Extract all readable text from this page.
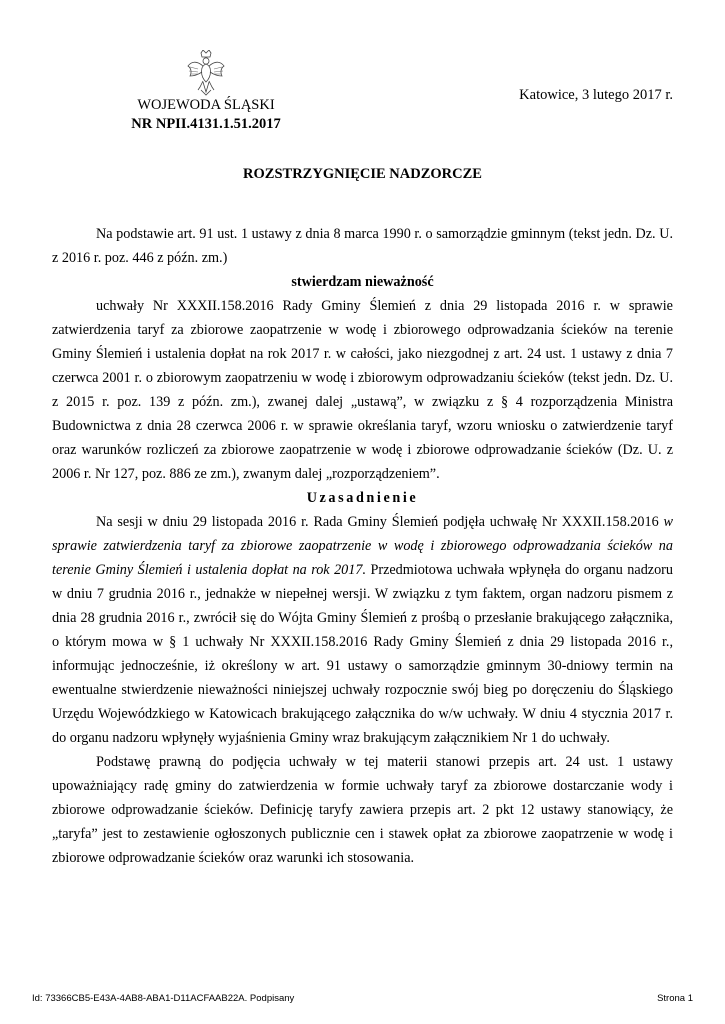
WOJEWODA ŚLĄSKI
NR NPII.4131.1.51.2017
Katowice, 3 lutego 2017 r.
ROZSTRZYGNIĘCIE NADZORCZE

Na podstawie art. 91 ust. 1 ustawy z dnia 8 marca 1990 r. o samorządzie gminnym (tekst jedn. Dz. U. z 2016 r. poz. 446 z późn. zm.)

stwierdzam nieważność

uchwały Nr XXXII.158.2016 Rady Gminy Ślemień z dnia 29 listopada 2016 r. w sprawie zatwierdzenia taryf za zbiorowe zaopatrzenie w wodę i zbiorowego odprowadzania ścieków na terenie Gminy Ślemień i ustalenia dopłat na rok 2017 r. w całości, jako niezgodnej z art. 24 ust. 1 ustawy z dnia 7 czerwca 2001 r. o zbiorowym zaopatrzeniu w wodę i zbiorowym odprowadzaniu ścieków (tekst jedn. Dz. U. z 2015 r. poz. 139 z późn. zm.), zwanej dalej „ustawą”, w związku z § 4 rozporządzenia Ministra Budownictwa z dnia 28 czerwca 2006 r. w sprawie określania taryf, wzoru wniosku o zatwierdzenie taryf oraz warunków rozliczeń za zbiorowe zaopatrzenie w wodę i zbiorowe odprowadzanie ścieków (Dz. U. z 2006 r. Nr 127, poz. 886 ze zm.), zwanym dalej „rozporządzeniem”.

Uzasadnienie

Na sesji w dniu 29 listopada 2016 r. Rada Gminy Ślemień podjęła uchwałę Nr XXXII.158.2016 w sprawie zatwierdzenia taryf za zbiorowe zaopatrzenie w wodę i zbiorowego odprowadzania ścieków na terenie Gminy Ślemień i ustalenia dopłat na rok 2017. Przedmiotowa uchwała wpłynęła do organu nadzoru w dniu 7 grudnia 2016 r., jednakże w niepełnej wersji. W związku z tym faktem, organ nadzoru pismem z dnia 28 grudnia 2016 r., zwrócił się do Wójta Gminy Ślemień z prośbą o przesłanie brakującego załącznika, o którym mowa w § 1 uchwały Nr XXXII.158.2016 Rady Gminy Ślemień z dnia 29 listopada 2016 r., informując jednocześnie, iż określony w art. 91 ustawy o samorządzie gminnym 30-dniowy termin na ewentualne stwierdzenie nieważności niniejszej uchwały rozpocznie swój bieg po doręczeniu do Śląskiego Urzędu Wojewódzkiego w Katowicach brakującego załącznika do w/w uchwały. W dniu 4 stycznia 2017 r. do organu nadzoru wpłynęły wyjaśnienia Gminy wraz brakującym załącznikiem Nr 1 do uchwały.

Podstawę prawną do podjęcia uchwały w tej materii stanowi przepis art. 24 ust. 1 ustawy upoważniający radę gminy do zatwierdzenia w formie uchwały taryf za zbiorowe dostarczanie wody i zbiorowe odprowadzanie ścieków. Definicję taryfy zawiera przepis art. 2 pkt 12 ustawy stanowiący, że „taryfa” jest to zestawienie ogłoszonych publicznie cen i stawek opłat za zbiorowe zaopatrzenie w wodę i zbiorowe odprowadzanie ścieków oraz warunki ich stosowania.

Id: 73366CB5-E43A-4AB8-ABA1-D11ACFAAB22A. Podpisany	Strona 1
